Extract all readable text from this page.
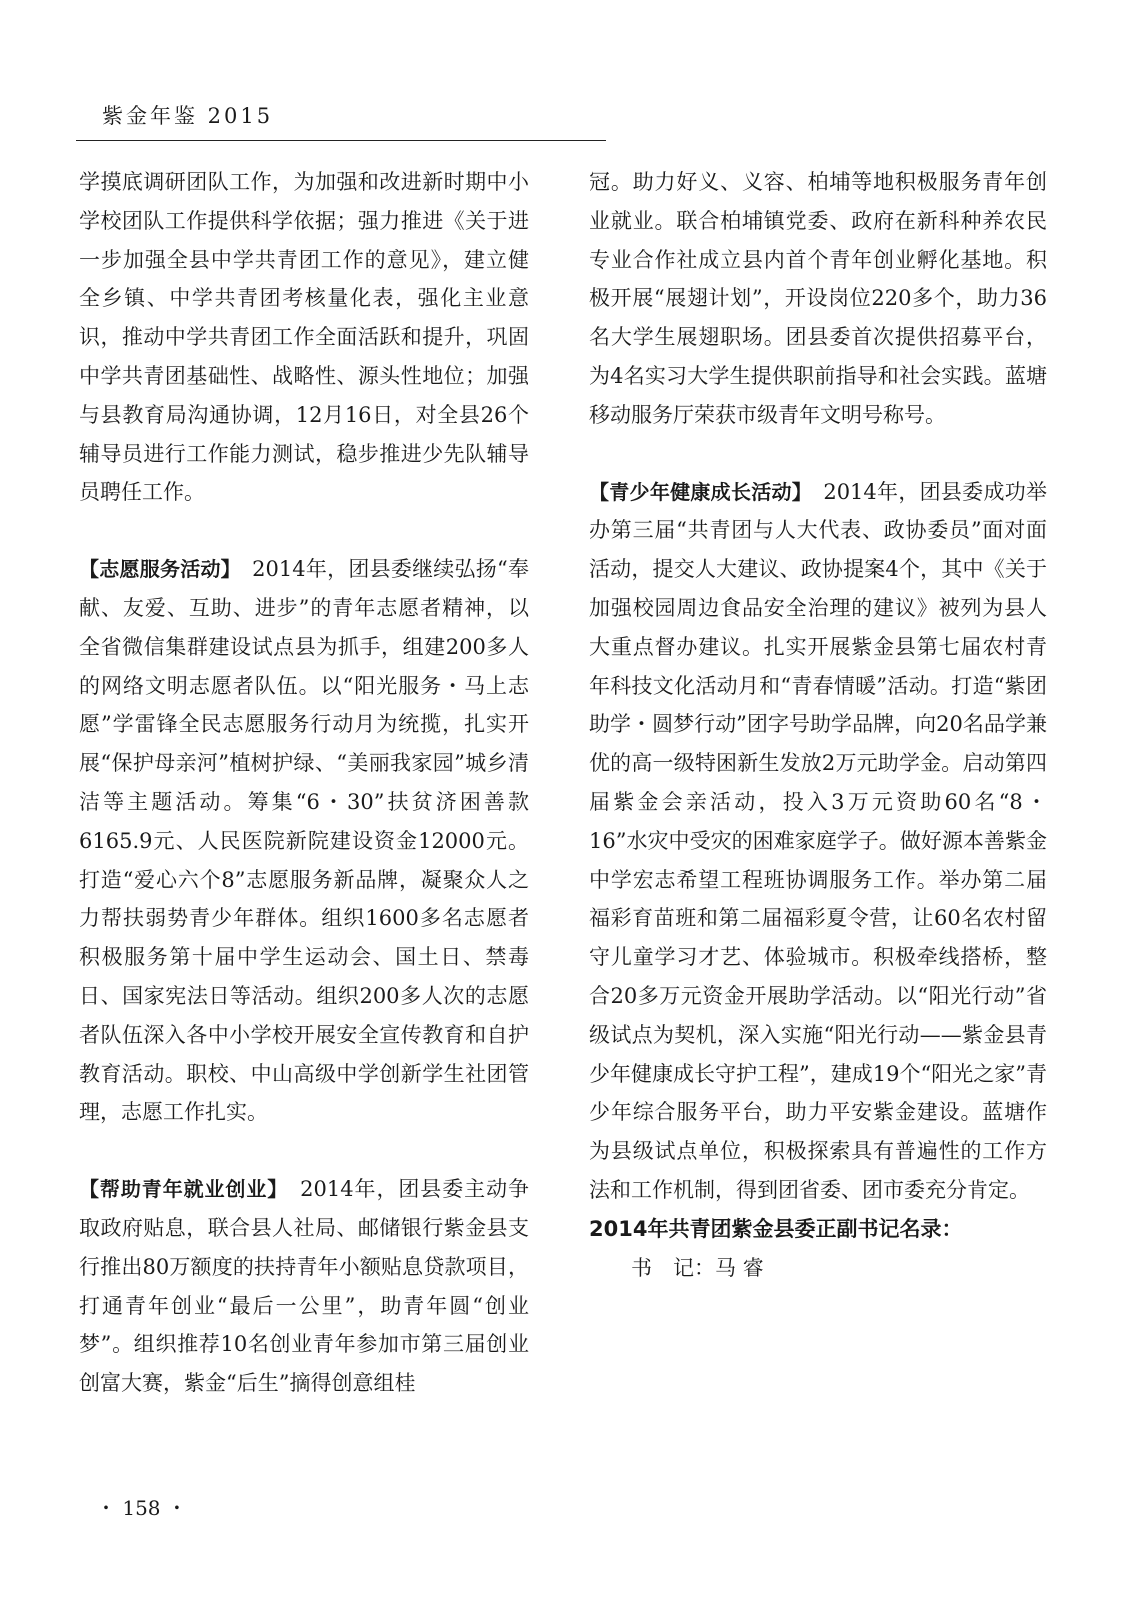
紫金年鉴 2015

学摸底调研团队工作，为加强和改进新时期中小学校团队工作提供科学依据；强力推进《关于进一步加强全县中学共青团工作的意见》，建立健全乡镇、中学共青团考核量化表，强化主业意识，推动中学共青团工作全面活跃和提升，巩固中学共青团基础性、战略性、源头性地位；加强与县教育局沟通协调，12月16日，对全县26个辅导员进行工作能力测试，稳步推进少先队辅导员聘任工作。

【志愿服务活动】　2014年，团县委继续弘扬“奉献、友爱、互助、进步”的青年志愿者精神，以全省微信集群建设试点县为抓手，组建200多人的网络文明志愿者队伍。以“阳光服务・马上志愿”学雷锋全民志愿服务行动月为统揽，扎实开展“保护母亲河”植树护绿、“美丽我家园”城乡清洁等主题活动。筹集“6・30”扶贫济困善款6165.9元、人民医院新院建设资金12000元。打造“爱心六个8”志愿服务新品牌，凝聚众人之力帮扶弱势青少年群体。组织1600多名志愿者积极服务第十届中学生运动会、国土日、禁毒日、国家宪法日等活动。组织200多人次的志愿者队伍深入各中小学校开展安全宣传教育和自护教育活动。职校、中山高级中学创新学生社团管理，志愿工作扎实。

【帮助青年就业创业】　2014年，团县委主动争取政府贴息，联合县人社局、邮储银行紫金县支行推出80万额度的扶持青年小额贴息贷款项目，打通青年创业“最后一公里”，助青年圆“创业梦”。组织推荐10名创业青年参加市第三届创业创富大赛，紫金“后生”摘得创意组桂

冠。助力好义、义容、柏埔等地积极服务青年创业就业。联合柏埔镇党委、政府在新科种养农民专业合作社成立县内首个青年创业孵化基地。积极开展“展翅计划”，开设岗位220多个，助力36名大学生展翅职场。团县委首次提供招募平台，为4名实习大学生提供职前指导和社会实践。蓝塘移动服务厅荣获市级青年文明号称号。

【青少年健康成长活动】　2014年，团县委成功举办第三届“共青团与人大代表、政协委员”面对面活动，提交人大建议、政协提案4个，其中《关于加强校园周边食品安全治理的建议》被列为县人大重点督办建议。扎实开展紫金县第七届农村青年科技文化活动月和“青春情暖”活动。打造“紫团助学・圆梦行动”团字号助学品牌，向20名品学兼优的高一级特困新生发放2万元助学金。启动第四届紫金会亲活动，投入3万元资助60名“8・16”水灾中受灾的困难家庭学子。做好源本善紫金中学宏志希望工程班协调服务工作。举办第二届福彩育苗班和第二届福彩夏令营，让60名农村留守儿童学习才艺、体验城市。积极牵线搭桥，整合20多万元资金开展助学活动。以“阳光行动”省级试点为契机，深入实施“阳光行动——紫金县青少年健康成长守护工程”，建成19个“阳光之家”青少年综合服务平台，助力平安紫金建设。蓝塘作为县级试点单位，积极探索具有普遍性的工作方法和工作机制，得到团省委、团市委充分肯定。

2014年共青团紫金县委正副书记名录：

书　记：马 睿

・ 158 ・
